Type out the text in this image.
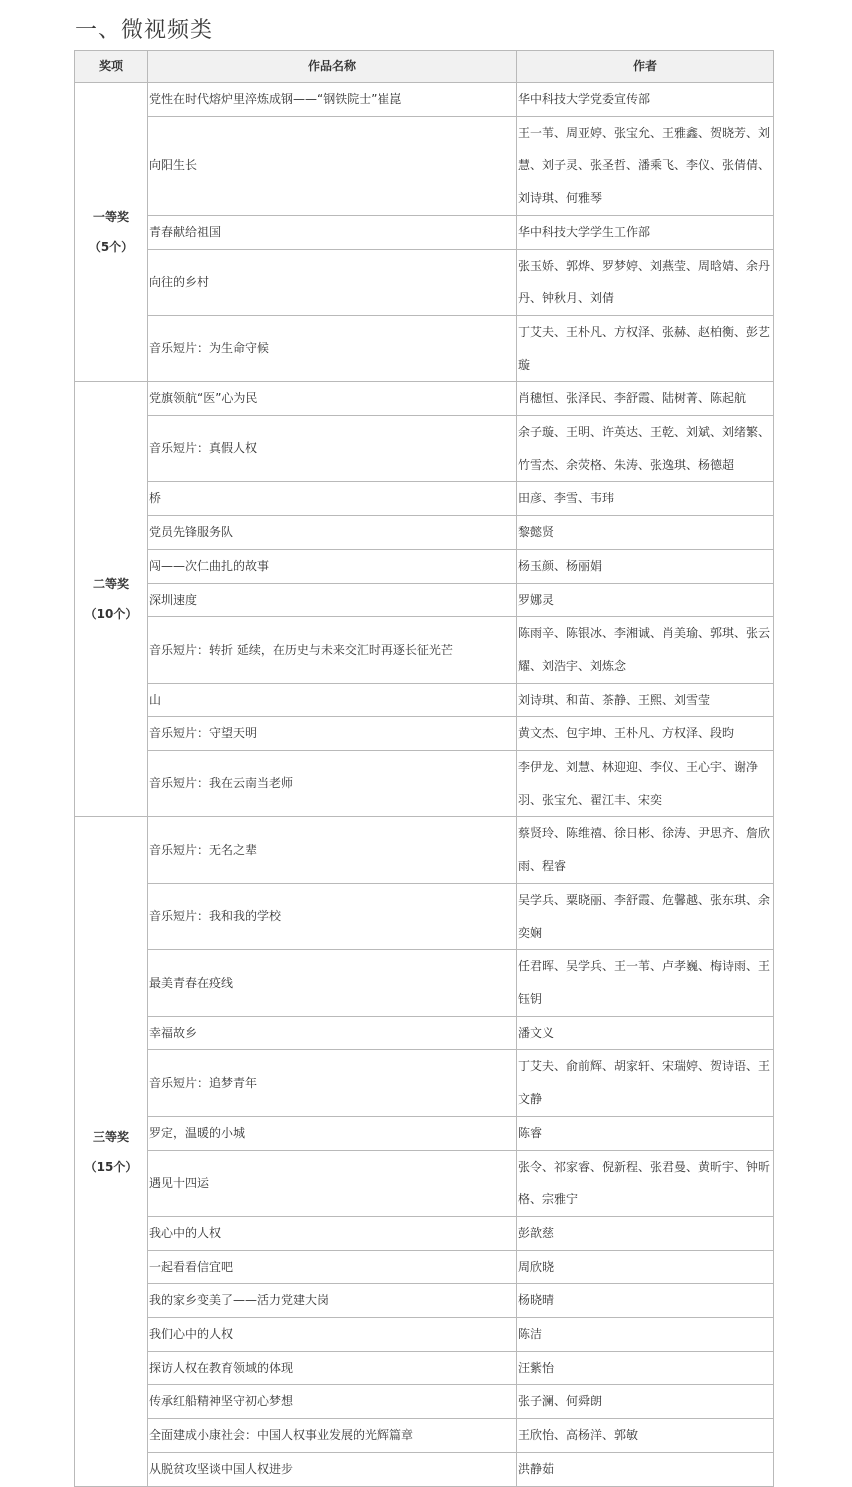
一、微视频类
奖项	作品名称	作者

一等奖
（5个）	党性在时代熔炉里淬炼成钢——“钢铁院士”崔崑	华中科技大学党委宣传部
	向阳生长	王一苇、周亚婷、张宝允、王雅鑫、贺晓芳、刘慧、刘子灵、张圣哲、潘乘飞、李仪、张倩倩、刘诗琪、何雅琴
	青春献给祖国	华中科技大学学生工作部
	向往的乡村	张玉娇、郭烨、罗梦婷、刘燕莹、周晗婧、余丹丹、钟秋月、刘倩
	音乐短片：为生命守候	丁艾夫、王朴凡、方权泽、张赫、赵柏衡、彭艺璇

二等奖
（10个）	党旗领航“医”心为民	肖穗恒、张泽民、李舒霞、陆树菁、陈起航
	音乐短片：真假人权	余子璇、王明、许英达、王乾、刘斌、刘绪繁、竹雪杰、余荧格、朱涛、张逸琪、杨德超
	桥	田彦、李雪、韦玮
	党员先锋服务队	黎懿贤
	闯——次仁曲扎的故事	杨玉颜、杨丽娟
	深圳速度	罗娜灵
	音乐短片：转折 延续，在历史与未来交汇时再逐长征光芒	陈雨辛、陈银冰、李湘诚、肖美瑜、郭琪、张云耀、刘浩宇、刘炼念
	山	刘诗琪、和苗、茶静、王熙、刘雪莹
	音乐短片：守望天明	黄文杰、包宇坤、王朴凡、方权泽、段昀
	音乐短片：我在云南当老师	李伊龙、刘慧、林迎迎、李仪、王心宇、谢净羽、张宝允、翟江丰、宋奕

三等奖
（15个）	音乐短片：无名之辈	蔡贤玲、陈维禧、徐日彬、徐涛、尹思齐、詹欣雨、程睿
	音乐短片：我和我的学校	吴学兵、粟晓丽、李舒霞、危馨越、张东琪、余奕娴
	最美青春在疫线	任君晖、吴学兵、王一苇、卢孝巍、梅诗雨、王钰钥
	幸福故乡	潘文义
	音乐短片：追梦青年	丁艾夫、俞前辉、胡家轩、宋瑞婷、贺诗语、王文静
	罗定，温暖的小城	陈睿
	遇见十四运	张令、祁家睿、倪新程、张君曼、黄昕宇、钟昕格、宗雅宁
	我心中的人权	彭歆慈
	一起看看信宜吧	周欣晓
	我的家乡变美了——活力党建大岗	杨晓晴
	我们心中的人权	陈洁
	探访人权在教育领域的体现	汪紫怡
	传承红船精神坚守初心梦想	张子澜、何舜朗
	全面建成小康社会：中国人权事业发展的光辉篇章	王欣怡、高杨洋、郭敏
	从脱贫攻坚谈中国人权进步	洪静茹
